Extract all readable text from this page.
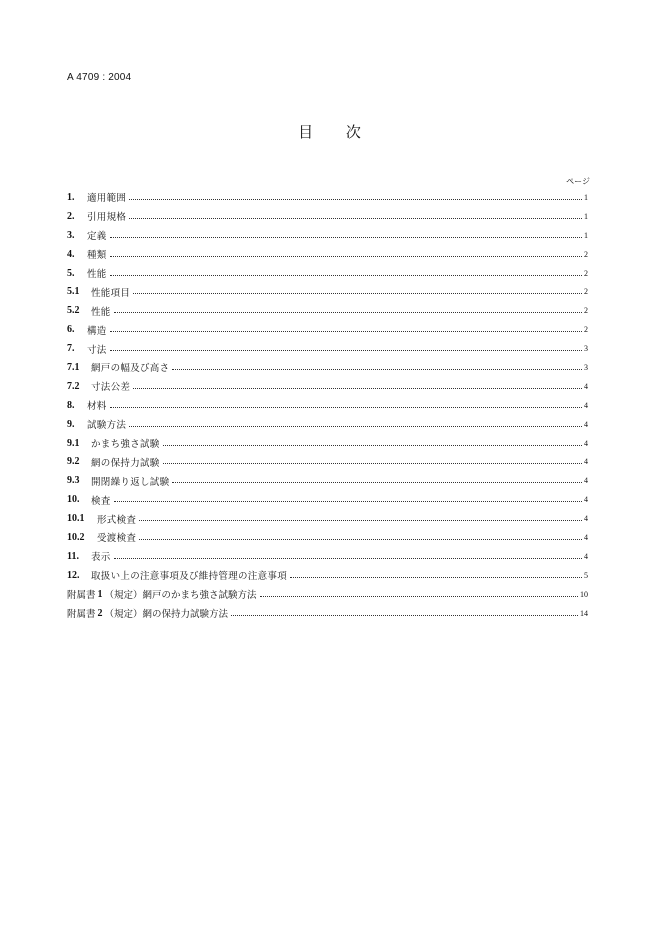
A 4709 : 2004
目 次
ページ
1.	適用範囲	1
2.	引用規格	1
3.	定義	1
4.	種類	2
5.	性能	2
5.1	性能項目	2
5.2	性能	2
6.	構造	2
7.	寸法	3
7.1	網戸の幅及び高さ	3
7.2	寸法公差	4
8.	材料	4
9.	試験方法	4
9.1	かまち強さ試験	4
9.2	網の保持力試験	4
9.3	開閉繰り返し試験	4
10.	検査	4
10.1	形式検査	4
10.2	受渡検査	4
11.	表示	4
12.	取扱い上の注意事項及び維持管理の注意事項	5
附属書 1 （規定）網戸のかまち強さ試験方法	10
附属書 2 （規定）網の保持力試験方法	14
